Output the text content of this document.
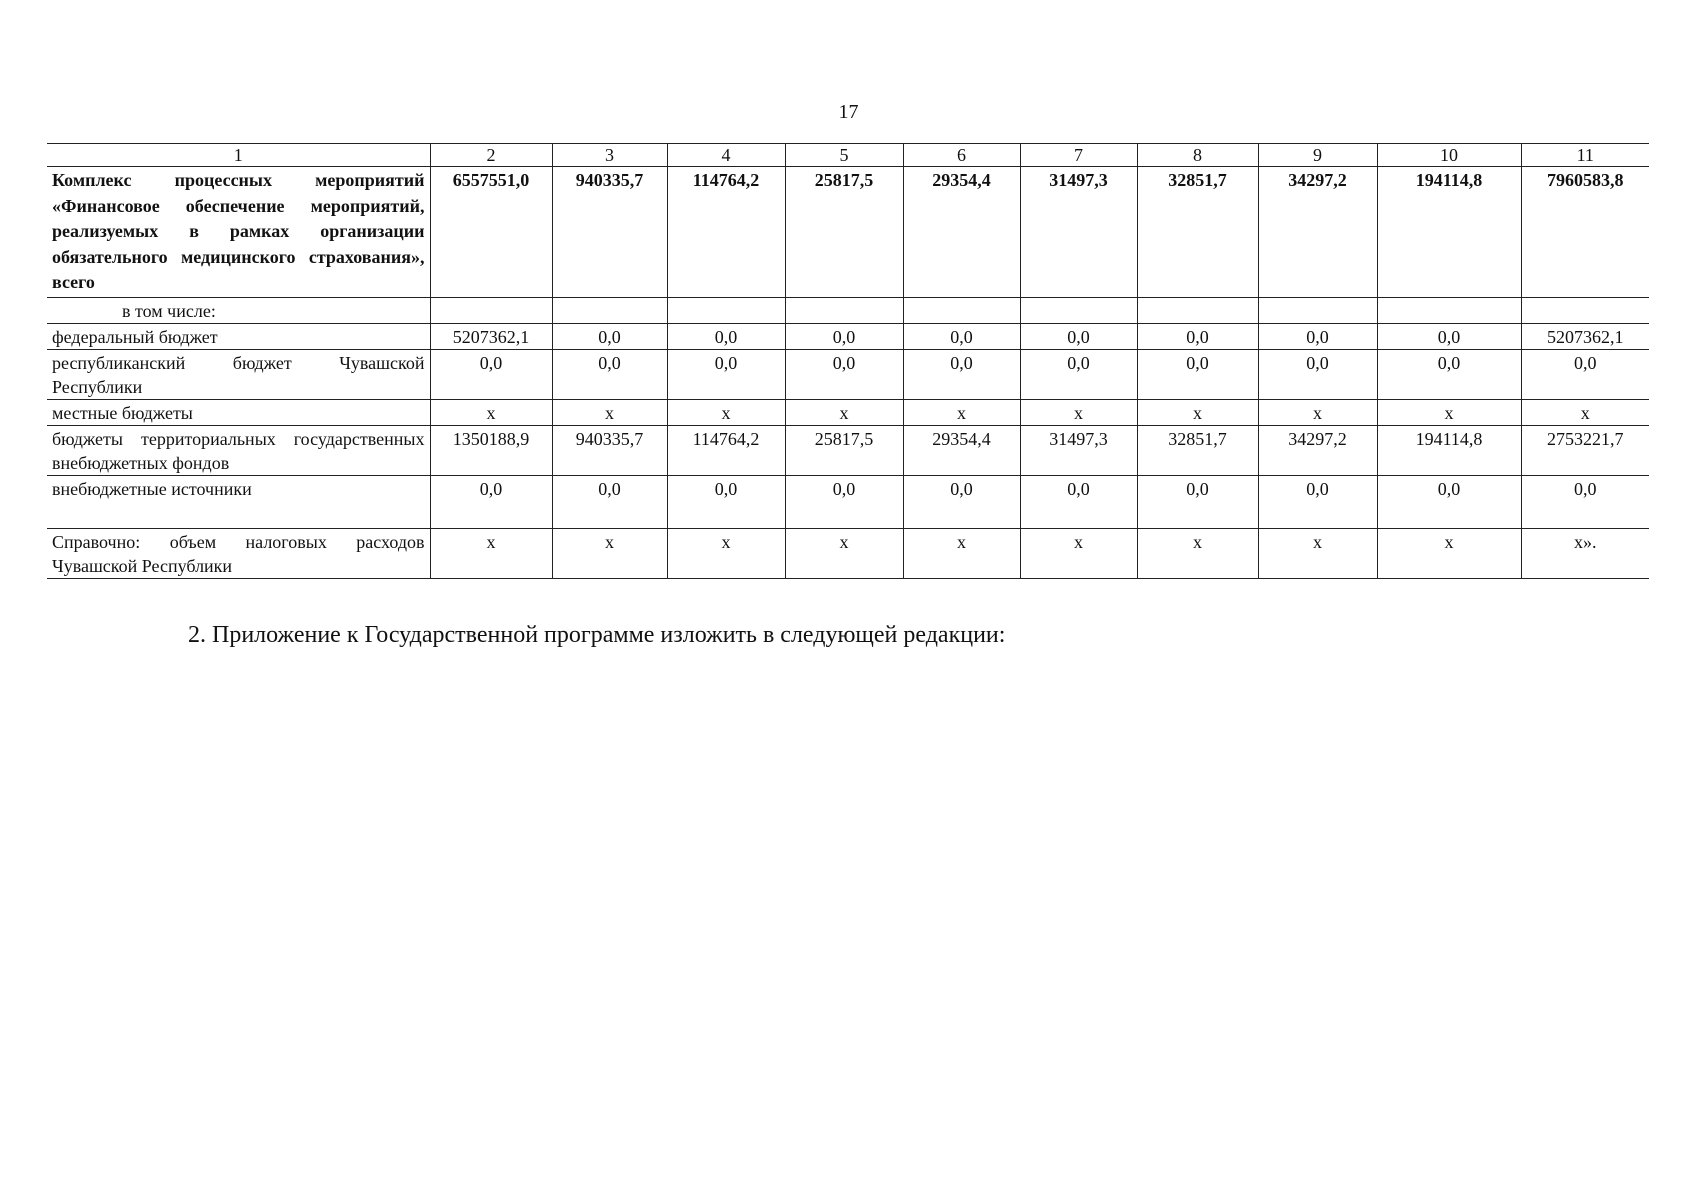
17
1	2	3	4	5	6	7	8	9	10	11
Комплекс процессных мероприятий «Финансовое обеспечение мероприятий, реализуемых в рамках организации обязательного медицинского страхования», всего	6557551,0	940335,7	114764,2	25817,5	29354,4	31497,3	32851,7	34297,2	194114,8	7960583,8
в том числе:										
федеральный бюджет	5207362,1	0,0	0,0	0,0	0,0	0,0	0,0	0,0	0,0	5207362,1
республиканский бюджет Чувашской Республики	0,0	0,0	0,0	0,0	0,0	0,0	0,0	0,0	0,0	0,0
местные бюджеты	х	х	х	х	х	х	х	х	х	х
бюджеты территориальных государственных внебюджетных фондов	1350188,9	940335,7	114764,2	25817,5	29354,4	31497,3	32851,7	34297,2	194114,8	2753221,7
внебюджетные источники	0,0	0,0	0,0	0,0	0,0	0,0	0,0	0,0	0,0	0,0
Справочно: объем налоговых расходов Чувашской Республики	х	х	х	х	х	х	х	х	х	х».
2. Приложение к Государственной программе изложить в следующей редакции:
